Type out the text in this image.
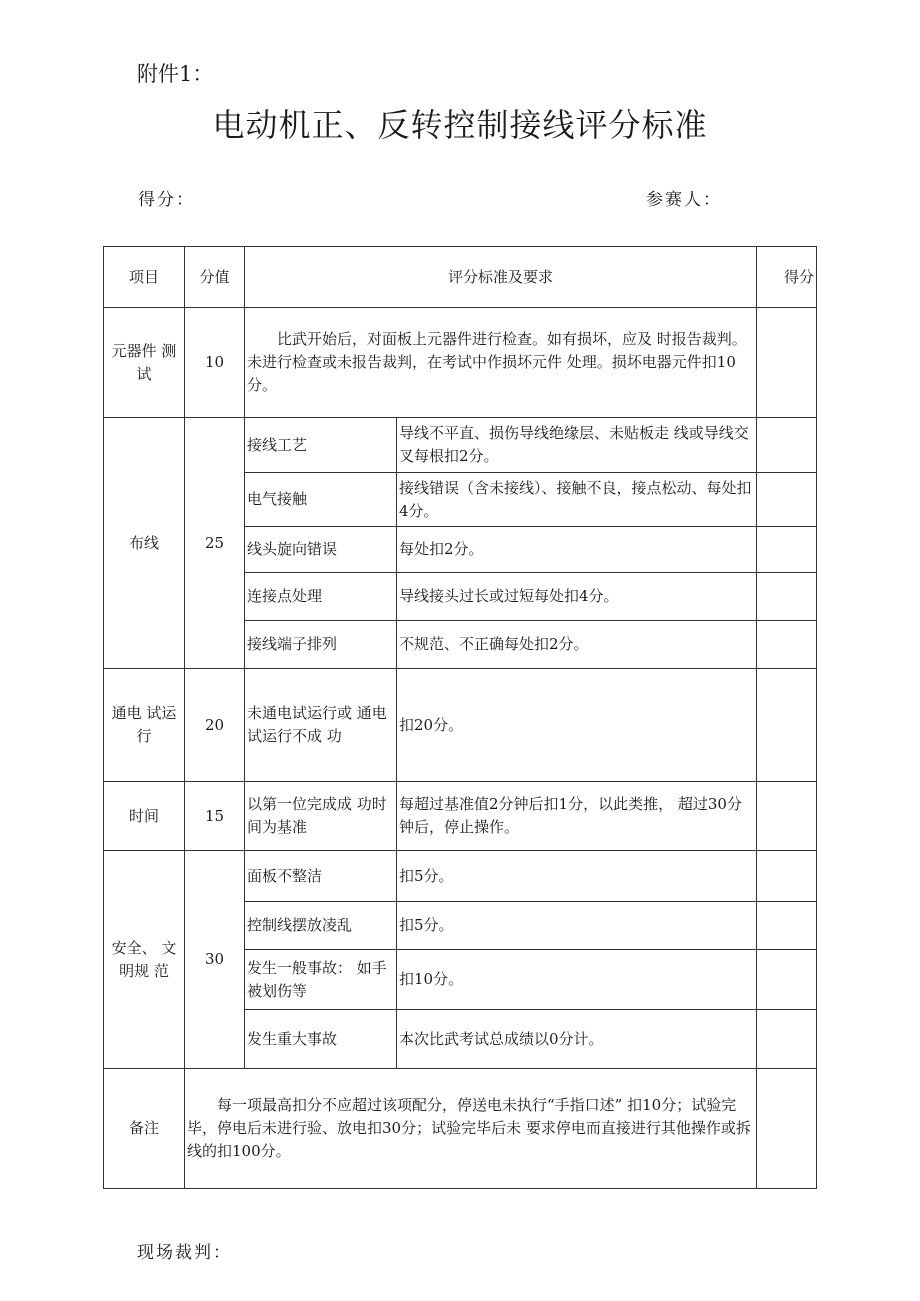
附件1：
电动机正、反转控制接线评分标准
得分：	参赛人：
项目	分值	评分标准及要求		得分
元器件 测试	10	比武开始后，对面板上元器件进行检查。如有损坏，应及 时报告裁判。未进行检查或未报告裁判，在考试中作损坏元件 处理。损坏电器元件扣10分。		
布线	25	接线工艺	导线不平直、损伤导线绝缘层、未贴板走 线或导线交叉每根扣2分。	
		电气接触	接线错误（含未接线）、接触不良，接点松动、每处扣4分。	
		线头旋向错误	每处扣2分。	
		连接点处理	导线接头过长或过短每处扣4分。	
		接线端子排列	不规范、不正确每处扣2分。	
通电 试运行	20	未通电试运行或 通电试运行不成 功	扣20分。	
时间	15	以第一位完成成 功时间为基准	每超过基准值2分钟后扣1分，以此类推， 超过30分钟后，停止操作。	
安全、 文明规 范	30	面板不整洁	扣5分。	
		控制线摆放凌乱	扣5分。	
		发生一般事故： 如手被划伤等	扣10分。	
		发生重大事故	本次比武考试总成绩以0分计。	
备注	每一项最高扣分不应超过该项配分，停送电未执行“手指口述” 扣10分；试验完毕，停电后未进行验、放电扣30分；试验完毕后未 要求停电而直接进行其他操作或拆线的扣100分。			
现场裁判：
